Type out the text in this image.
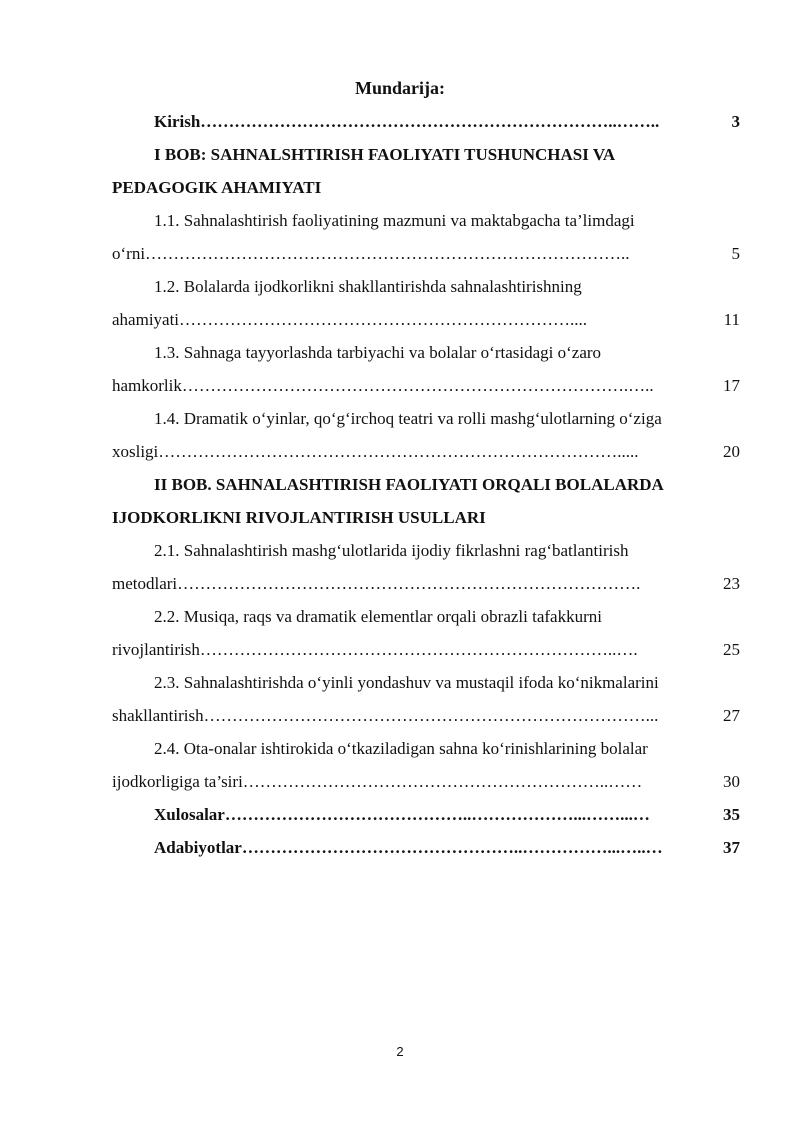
Mundarija:
Kirish ………………………………………………………………..……..	3
I BOB: SAHNALSHTIRISH FAOLIYATI TUSHUNCHASI VA
PEDAGOGIK AHAMIYATI
1.1. Sahnalashtirish faoliyatining mazmuni va maktabgacha ta’limdagi
o‘rni …………………………………………………………………………..	5
1.2. Bolalarda ijodkorlikni shakllantirishda sahnalashtirishning
ahamiyati ……………………………………………………………....	11
1.3. Sahnaga tayyorlashda tarbiyachi va bolalar o‘rtasidagi o‘zaro
hamkorlik …………………………………………………………………….…..	17
1.4. Dramatik o‘yinlar, qo‘g‘irchoq teatri va rolli mashg‘ulotlarning o‘ziga
xosligi ……………………………………………………………………….....	20
II BOB. SAHNALASHTIRISH FAOLIYATI ORQALI BOLALARDA
IJODKORLIKNI RIVOJLANTIRISH USULLARI
2.1. Sahnalashtirish mashg‘ulotlarida ijodiy fikrlashni rag‘batlantirish
metodlari ……………………………………………………………………….	23
2.2. Musiqa, raqs va dramatik elementlar orqali obrazli tafakkurni
rivojlantirish ………………………………………………………………..….	25
2.3. Sahnalashtirishda o‘yinli yondashuv va mustaqil ifoda ko‘nikmalarini
shakllantirish ……………………………………………………………………...	27
2.4. Ota-onalar ishtirokida o‘tkaziladigan sahna ko‘rinishlarining bolalar
ijodkorligiga ta’siri ………………………………………………………..……	30
Xulosalar ……………………………………..………………...……...…	35
Adabiyotlar …………………………………………..……………...…..…	37
2
